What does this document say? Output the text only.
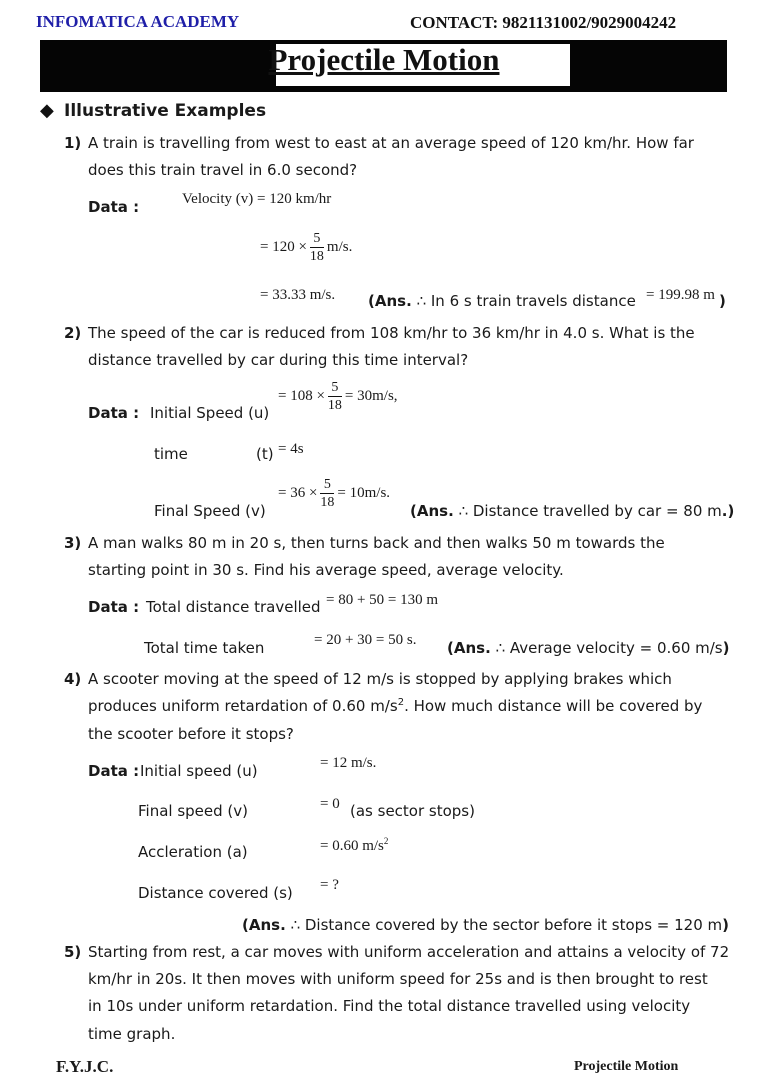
INFOMATICA ACADEMY	CONTACT: 9821131002/9029004242
Projectile Motion
◆ Illustrative Examples
1) A train is travelling from west to east at an average speed of 120 km/hr. How far
does this train travel in 6.0 second?
Data :	Velocity (v) = 120 km/hr
= $120 \times \frac{5}{18} m/s$.
= 33.33 m/s. (Ans. ∴ In 6 s train travels distance = 199.98 m )
2) The speed of the car is reduced from 108 km/hr to 36 km/hr in 4.0 s. What is the
distance travelled by car during this time interval?
= $108 \times \frac{5}{18} = 30m/s$,
Data : Initial Speed (u)
time	(t) = 4s
= $36 \times \frac{5}{18} = 10m/s$.
Final Speed (v)	(Ans. ∴ Distance travelled by car = 80 m.)
3) A man walks 80 m in 20 s, then turns back and then walks 50 m towards the
starting point in 30 s. Find his average speed, average velocity.
Data : Total distance travelled = 80 + 50 = 130 m
Total time taken	= 20 + 30 = 50 s. (Ans. ∴ Average velocity = 0.60 m/s)
4) A scooter moving at the speed of 12 m/s is stopped by applying brakes which
produces uniform retardation of 0.60 $m/s^2$. How much distance will be covered by
the scooter before it stops?
Data : Initial speed (u)	= 12 m/s.
Final speed (v)	= 0 (as sector stops)
Accleration (a)	= 0.60 $m/s^2$
Distance covered (s) = ?
(Ans. ∴ Distance covered by the sector before it stops = 120 m)
5) Starting from rest, a car moves with uniform acceleration and attains a velocity of 72
km/hr in 20s. It then moves with uniform speed for 25s and is then brought to rest
in 10s under uniform retardation. Find the total distance travelled using velocity
time graph.
F.Y.J.C.	Projectile Motion
